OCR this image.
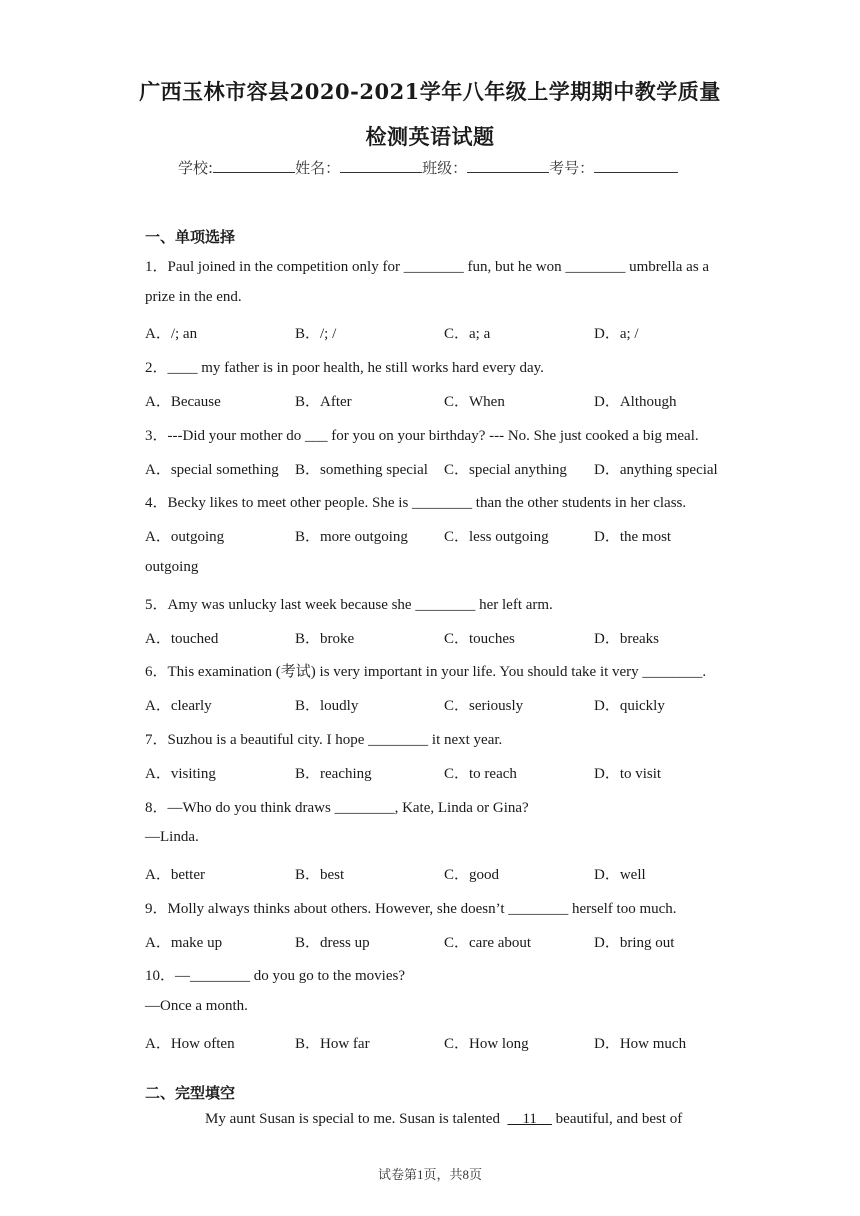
广西玉林市容县2020-2021学年八年级上学期期中教学质量
检测英语试题
学校:	姓名：	班级：	考号：
一、单项选择
1．Paul joined in the competition only for ________ fun, but he won ________ umbrella as a
prize in the end.
A．/; an	B．/; /	C．a; a	D．a; /
2．____ my father is in poor health, he still works hard every day.
A．Because	B．After	C．When	D．Although
3．---Did your mother do ___ for you on your birthday? --- No. She just cooked a big meal.
A．special something B．something special C．special anything D．anything special
4．Becky likes to meet other people. She is ________ than the other students in her class.
A．outgoing	B．more outgoing C．less outgoing	D．the most
outgoing
5．Amy was unlucky last week because she ________ her left arm.
A．touched	B．broke	C．touches	D．breaks
6．This examination (考试) is very important in your life. You should take it very ________.
A．clearly	B．loudly	C．seriously	D．quickly
7．Suzhou is a beautiful city. I hope ________ it next year.
A．visiting	B．reaching	C．to reach	D．to visit
8．—Who do you think draws ________, Kate, Linda or Gina?
—Linda.
A．better	B．best	C．good	D．well
9．Molly always thinks about others. However, she doesn’t ________ herself too much.
A．make up	B．dress up	C．care about	D．bring out
10．—________ do you go to the movies?
—Once a month.
A．How often	B．How far	C．How long	D．How much
二、完型填空
My aunt Susan is special to me. Susan is talented      11     beautiful, and best of
试卷第1页，共8页
